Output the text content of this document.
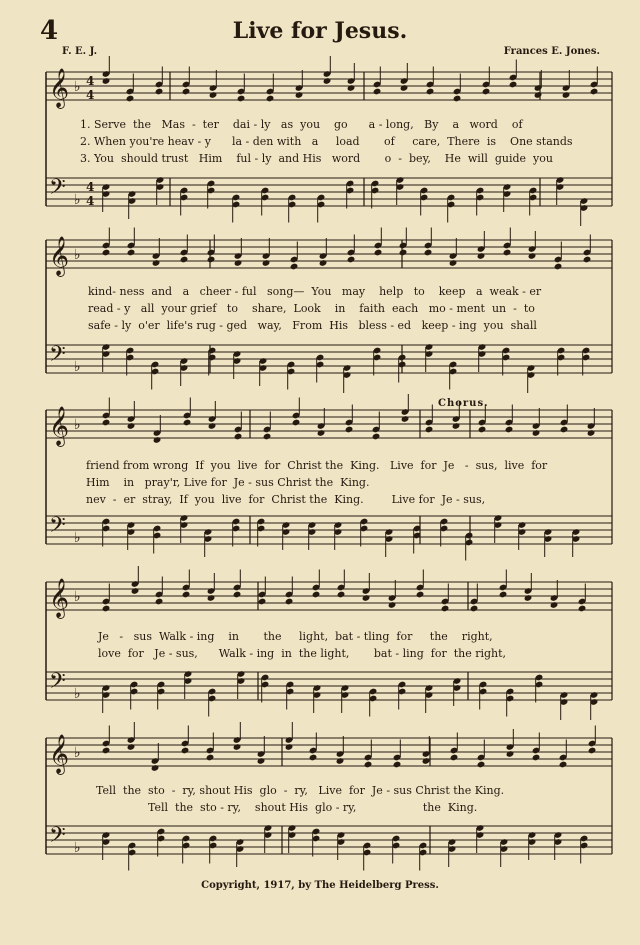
4	Live for Jesus.
F. E. J.	Frances E. Jones.
𝄞 ♭
𝄢 ♭
𝄞 ♭
𝄢 ♭
𝄞 ♭
𝄢 ♭
𝄞 ♭
𝄢 ♭
𝄞 ♭
𝄢 ♭
4
4
4
4
1. Serve  the   Mas  -  ter    dai - ly   as  you    go      a - long,   By    a   word    of
2. When you're heav - y      la - den with   a     load       of     care,  There  is    One stands
3. You  should trust   Him    ful - ly  and His   word       o  -  bey,    He  will  guide  you
kind- ness  and   a   cheer - ful   song—  You   may    help   to    keep   a  weak - er
read - y   all  your grief   to    share,  Look    in    faith  each   mo - ment  un  -  to
safe - ly  o'er  life's rug - ged   way,   From  His   bless - ed   keep - ing  you  shall
Chorus.
friend from wrong  If  you  live  for  Christ the  King.   Live  for  Je   -  sus,  live  for
Him    in   pray'r, Live for  Je - sus Christ the  King.
nev  -  er  stray,  If  you  live  for  Christ the  King.        Live for  Je - sus,
Je   -   sus  Walk - ing    in       the     light,  bat - tling  for     the    right,
love  for   Je - sus,      Walk - ing  in  the light,       bat - ling  for  the right,
Tell  the  sto  -  ry, shout His  glo  -  ry,   Live  for  Je - sus Christ the King.
Tell  the  sto - ry,    shout His  glo - ry,                   the  King.
Copyright, 1917, by The Heidelberg Press.
